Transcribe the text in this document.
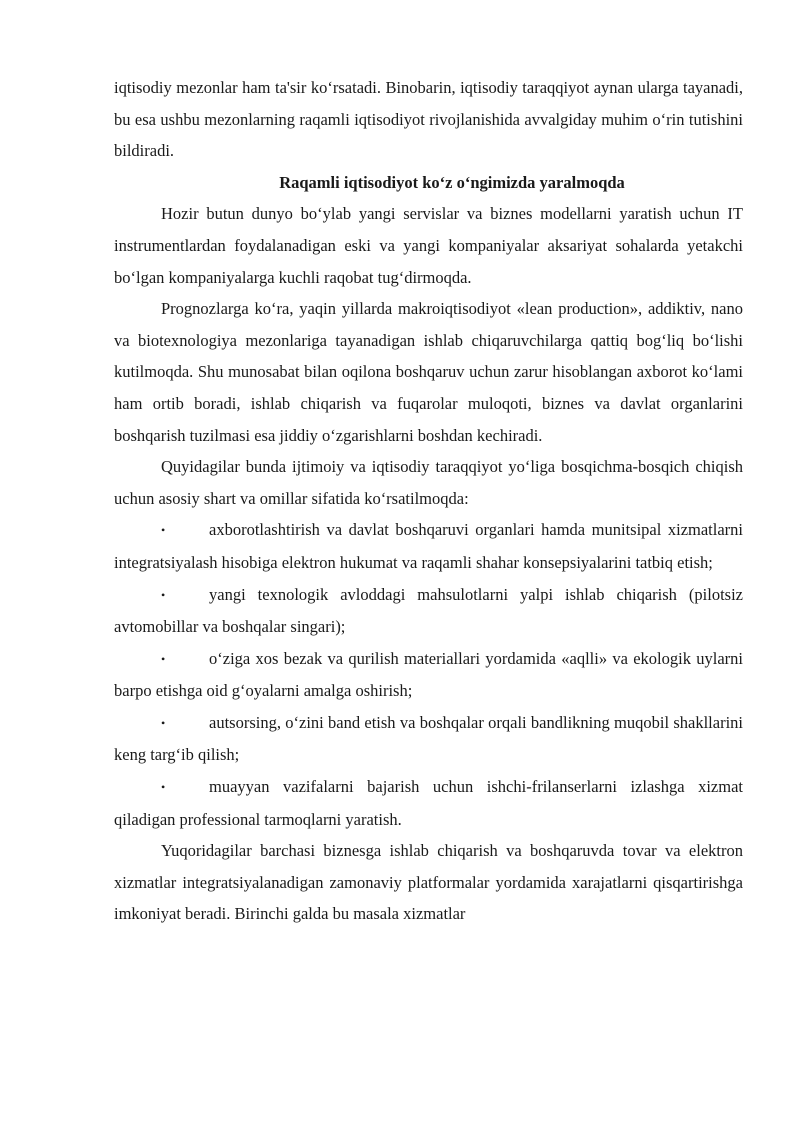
iqtisodiy mezonlar ham ta'sir ko‘rsatadi. Binobarin, iqtisodiy taraqqiyot aynan ularga tayanadi, bu esa ushbu mezonlarning raqamli iqtisodiyot rivojlanishida avvalgiday muhim o‘rin tutishini bildiradi.

Raqamli iqtisodiyot ko‘z o‘ngimizda yaralmoqda

Hozir butun dunyo bo‘ylab yangi servislar va biznes modellarni yaratish uchun IT instrumentlardan foydalanadigan eski va yangi kompaniyalar aksariyat sohalarda yetakchi bo‘lgan kompaniyalarga kuchli raqobat tug‘dirmoqda.

Prognozlarga ko‘ra, yaqin yillarda makroiqtisodiyot «lean production», addiktiv, nano va biotexnologiya mezonlariga tayanadigan ishlab chiqaruvchilarga qattiq bog‘liq bo‘lishi kutilmoqda. Shu munosabat bilan oqilona boshqaruv uchun zarur hisoblangan axborot ko‘lami ham ortib boradi, ishlab chiqarish va fuqarolar muloqoti, biznes va davlat organlarini boshqarish tuzilmasi esa jiddiy o‘zgarishlarni boshdan kechiradi.

Quyidagilar bunda ijtimoiy va iqtisodiy taraqqiyot yo‘liga bosqichma-bosqich chiqish uchun asosiy shart va omillar sifatida ko‘rsatilmoqda:

•	axborotlashtirish va davlat boshqaruvi organlari hamda munitsipal xizmatlarni integratsiyalash hisobiga elektron hukumat va raqamli shahar konsepsiyalarini tatbiq etish;

•	yangi texnologik avloddagi mahsulotlarni yalpi ishlab chiqarish (pilotsiz avtomobillar va boshqalar singari);

•	o‘ziga xos bezak va qurilish materiallari yordamida «aqlli» va ekologik uylarni barpo etishga oid g‘oyalarni amalga oshirish;

•	autsorsing, o‘zini band etish va boshqalar orqali bandlikning muqobil shakllarini keng targ‘ib qilish;

•	muayyan vazifalarni bajarish uchun ishchi-frilanserlarni izlashga xizmat qiladigan professional tarmoqlarni yaratish.

Yuqoridagilar barchasi biznesga ishlab chiqarish va boshqaruvda tovar va elektron xizmatlar integratsiyalanadigan zamonaviy platformalar yordamida xarajatlarni qisqartirishga imkoniyat beradi. Birinchi galda bu masala xizmatlar
